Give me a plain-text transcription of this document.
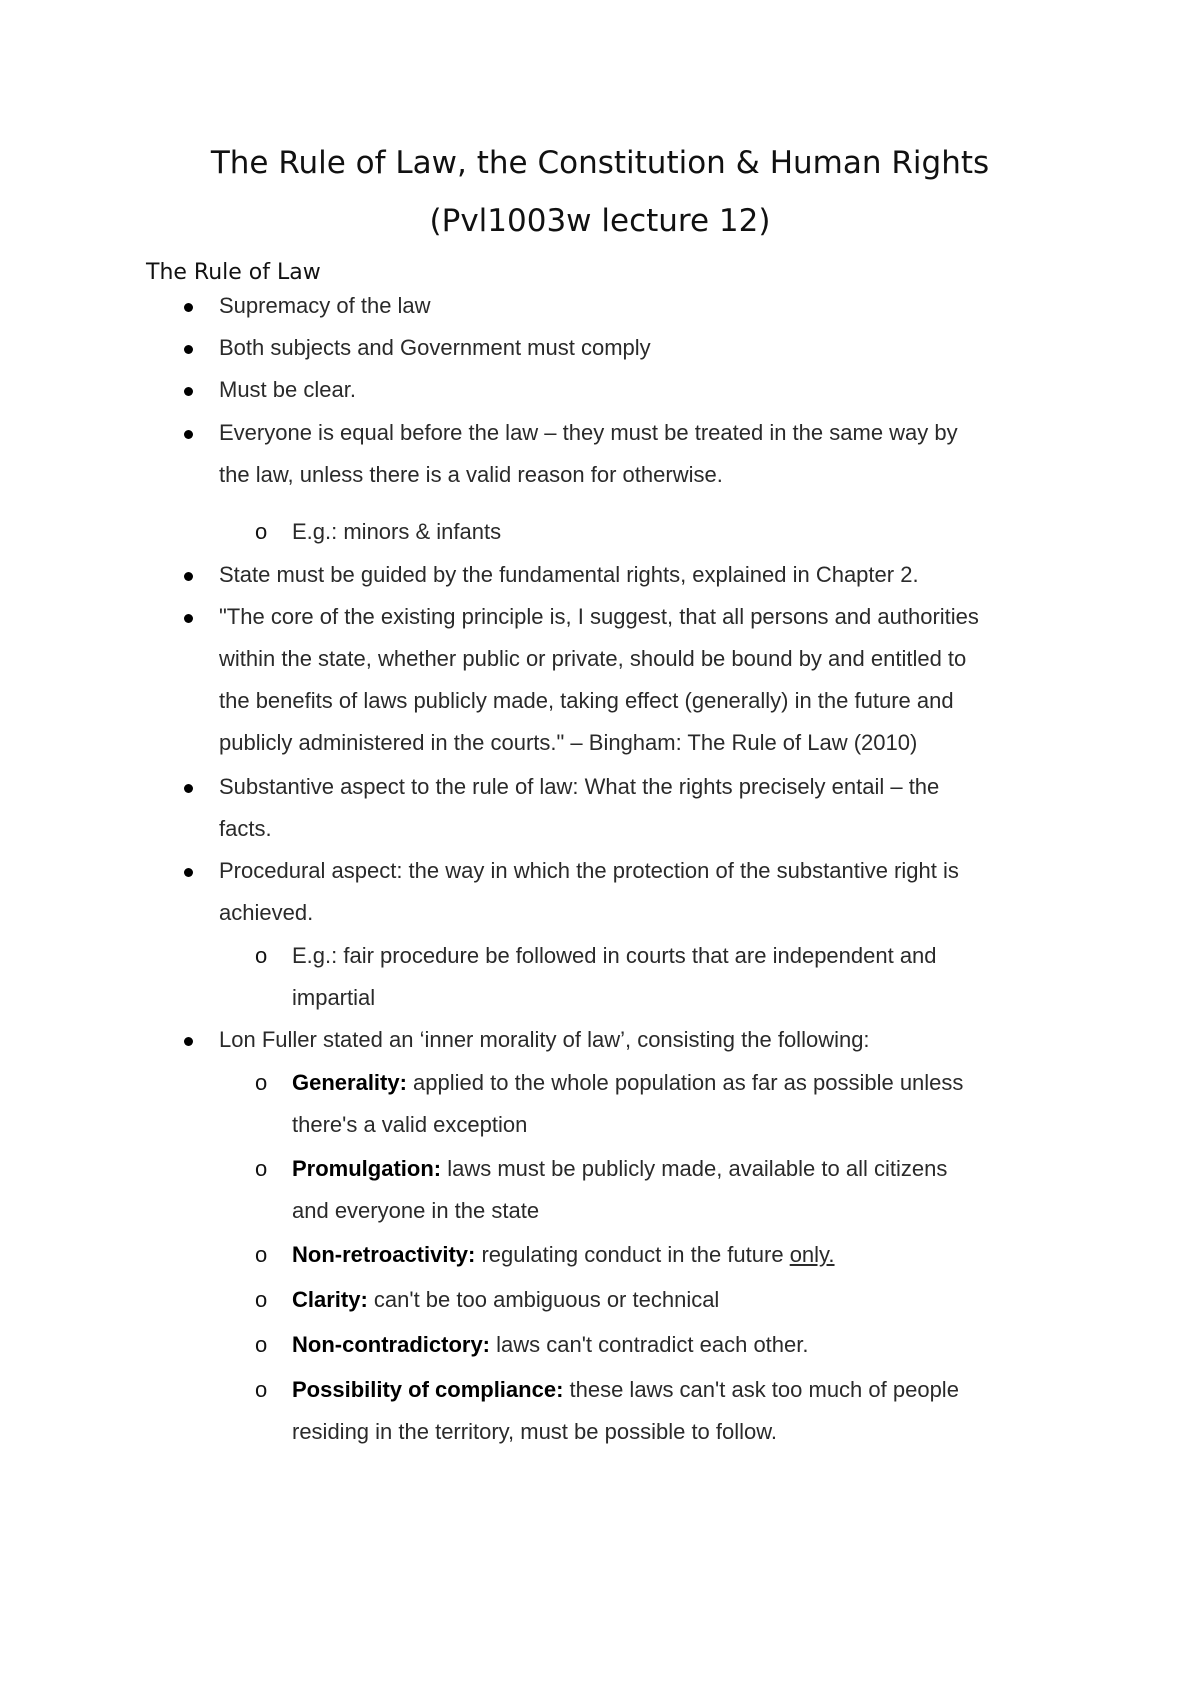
The Rule of Law, the Constitution & Human Rights
(Pvl1003w lecture 12)
The Rule of Law
Supremacy of the law
Both subjects and Government must comply
Must be clear.
Everyone is equal before the law – they must be treated in the same way by
the law, unless there is a valid reason for otherwise.
o E.g.: minors & infants
State must be guided by the fundamental rights, explained in Chapter 2.
"The core of the existing principle is, I suggest, that all persons and authorities
within the state, whether public or private, should be bound by and entitled to
the benefits of laws publicly made, taking effect (generally) in the future and
publicly administered in the courts." – Bingham: The Rule of Law (2010)
Substantive aspect to the rule of law: What the rights precisely entail – the
facts.
Procedural aspect: the way in which the protection of the substantive right is
achieved.
o E.g.: fair procedure be followed in courts that are independent and
impartial
Lon Fuller stated an ‘inner morality of law’, consisting the following:
o Generality: applied to the whole population as far as possible unless
there's a valid exception
o Promulgation: laws must be publicly made, available to all citizens
and everyone in the state
o Non-retroactivity: regulating conduct in the future only.
o Clarity: can't be too ambiguous or technical
o Non-contradictory: laws can't contradict each other.
o Possibility of compliance: these laws can't ask too much of people
residing in the territory, must be possible to follow.
